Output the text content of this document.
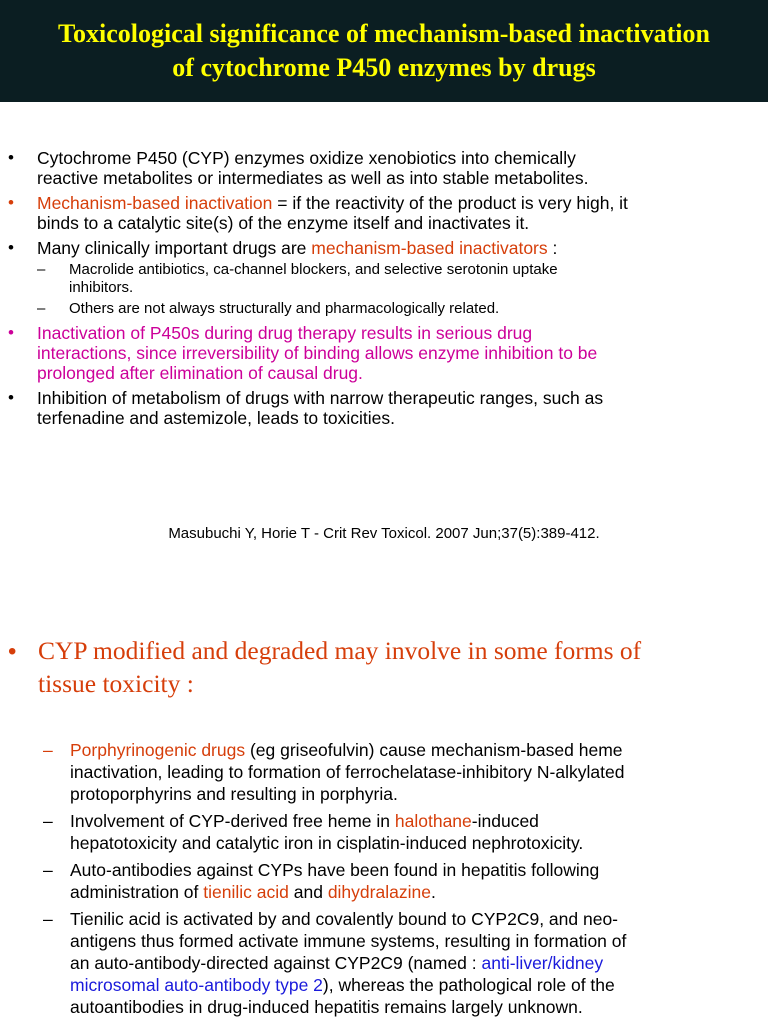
Toxicological significance of mechanism-based inactivation
of cytochrome P450 enzymes by drugs
• Cytochrome P450 (CYP) enzymes oxidize xenobiotics into chemically
reactive metabolites or intermediates as well as into stable metabolites.
• Mechanism-based inactivation = if the reactivity of the product is very high, it
binds to a catalytic site(s) of the enzyme itself and inactivates it.
• Many clinically important drugs are mechanism-based inactivators :
– Macrolide antibiotics, ca-channel blockers, and selective serotonin uptake
inhibitors.
– Others are not always structurally and pharmacologically related.
• Inactivation of P450s during drug therapy results in serious drug
interactions, since irreversibility of binding allows enzyme inhibition to be
prolonged after elimination of causal drug.
• Inhibition of metabolism of drugs with narrow therapeutic ranges, such as
terfenadine and astemizole, leads to toxicities.
Masubuchi Y, Horie T - Crit Rev Toxicol. 2007 Jun;37(5):389-412.
• CYP modified and degraded may involve in some forms of
tissue toxicity :
– Porphyrinogenic drugs (eg griseofulvin) cause mechanism-based heme
inactivation, leading to formation of ferrochelatase-inhibitory N-alkylated
protoporphyrins and resulting in porphyria.
– Involvement of CYP-derived free heme in halothane-induced
hepatotoxicity and catalytic iron in cisplatin-induced nephrotoxicity.
– Auto-antibodies against CYPs have been found in hepatitis following
administration of tienilic acid and dihydralazine.
– Tienilic acid is activated by and covalently bound to CYP2C9, and neo-
antigens thus formed activate immune systems, resulting in formation of
an auto-antibody-directed against CYP2C9 (named : anti-liver/kidney
microsomal auto-antibody type 2), whereas the pathological role of the
autoantibodies in drug-induced hepatitis remains largely unknown.
